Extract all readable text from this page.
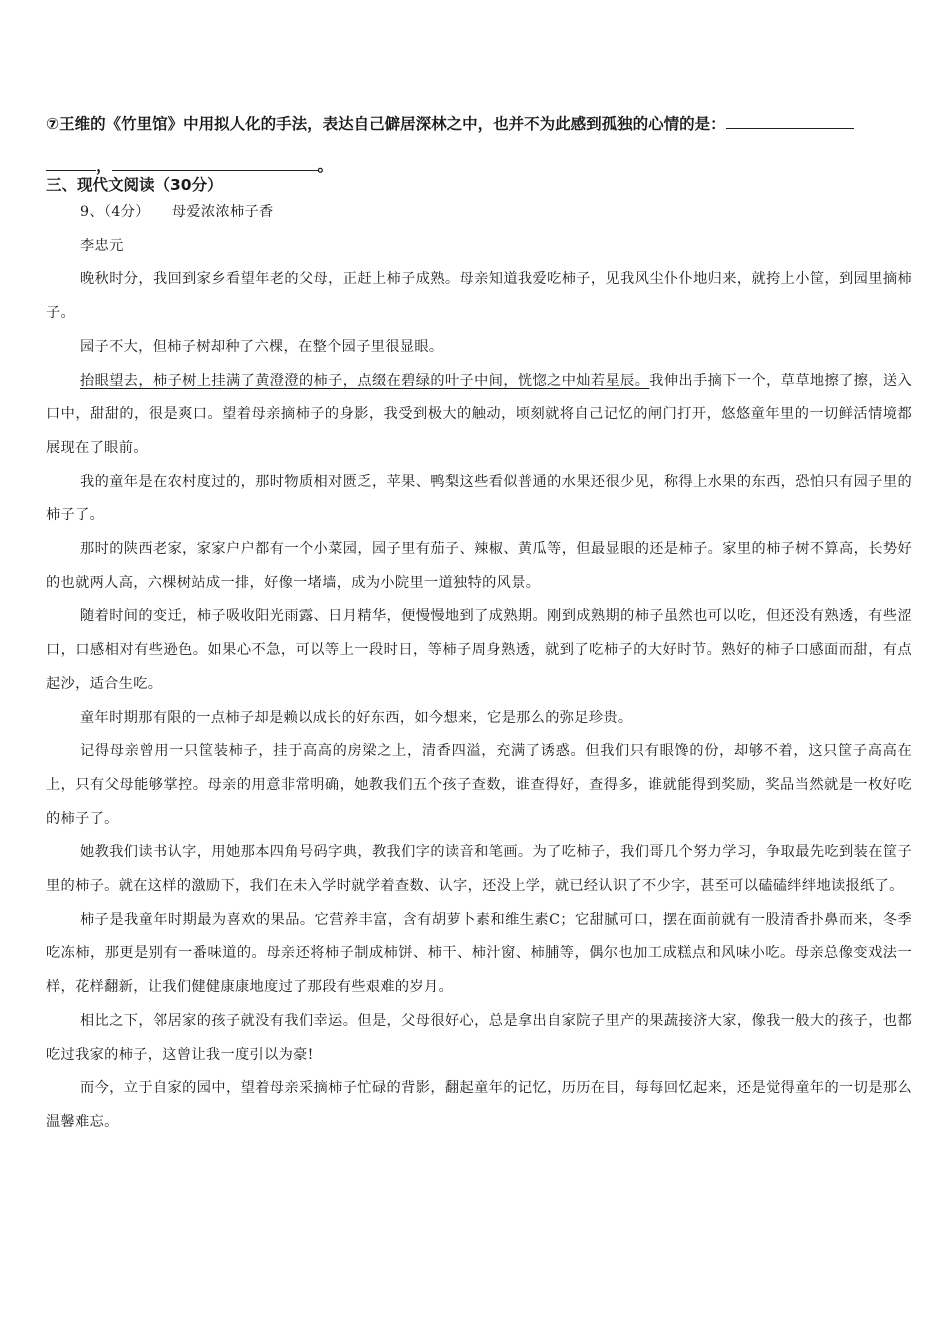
⑦王维的《竹里馆》中用拟人化的手法，表达自己僻居深林之中，也并不为此感到孤独的心情的是：
，	。
三、现代文阅读（30分）
9、（4分） 母爱浓浓柿子香
李忠元

晚秋时分，我回到家乡看望年老的父母，正赶上柿子成熟。母亲知道我爱吃柿子，见我风尘仆仆地归来，就挎上小筐，到园里摘柿子。

园子不大，但柿子树却种了六棵，在整个园子里很显眼。

抬眼望去，柿子树上挂满了黄澄澄的柿子，点缀在碧绿的叶子中间，恍惚之中灿若星辰。我伸出手摘下一个，草草地擦了擦，送入口中，甜甜的，很是爽口。望着母亲摘柿子的身影，我受到极大的触动，顷刻就将自己记忆的闸门打开，悠悠童年里的一切鲜活情境都展现在了眼前。

我的童年是在农村度过的，那时物质相对匮乏，苹果、鸭梨这些看似普通的水果还很少见，称得上水果的东西，恐怕只有园子里的柿子了。

那时的陕西老家，家家户户都有一个小菜园，园子里有茄子、辣椒、黄瓜等，但最显眼的还是柿子。家里的柿子树不算高，长势好的也就两人高，六棵树站成一排，好像一堵墙，成为小院里一道独特的风景。

随着时间的变迁，柿子吸收阳光雨露、日月精华，便慢慢地到了成熟期。刚到成熟期的柿子虽然也可以吃，但还没有熟透，有些涩口，口感相对有些逊色。如果心不急，可以等上一段时日，等柿子周身熟透，就到了吃柿子的大好时节。熟好的柿子口感面而甜，有点起沙，适合生吃。

童年时期那有限的一点柿子却是赖以成长的好东西，如今想来，它是那么的弥足珍贵。

记得母亲曾用一只筐装柿子，挂于高高的房梁之上，清香四溢，充满了诱惑。但我们只有眼馋的份，却够不着，这只筐子高高在上，只有父母能够掌控。母亲的用意非常明确，她教我们五个孩子查数，谁查得好，查得多，谁就能得到奖励，奖品当然就是一枚好吃的柿子了。

她教我们读书认字，用她那本四角号码字典，教我们字的读音和笔画。为了吃柿子，我们哥几个努力学习，争取最先吃到装在筐子里的柿子。就在这样的激励下，我们在未入学时就学着查数、认字，还没上学，就已经认识了不少字，甚至可以磕磕绊绊地读报纸了。

柿子是我童年时期最为喜欢的果品。它营养丰富，含有胡萝卜素和维生素C；它甜腻可口，摆在面前就有一股清香扑鼻而来，冬季吃冻柿，那更是别有一番味道的。母亲还将柿子制成柿饼、柿干、柿汁窗、柿脯等，偶尔也加工成糕点和风味小吃。母亲总像变戏法一样，花样翻新，让我们健健康康地度过了那段有些艰难的岁月。

相比之下，邻居家的孩子就没有我们幸运。但是，父母很好心，总是拿出自家院子里产的果蔬接济大家，像我一般大的孩子，也都吃过我家的柿子，这曾让我一度引以为豪!

而今，立于自家的园中，望着母亲采摘柿子忙碌的背影，翻起童年的记忆，历历在目，每每回忆起来，还是觉得童年的一切是那么温馨难忘。
